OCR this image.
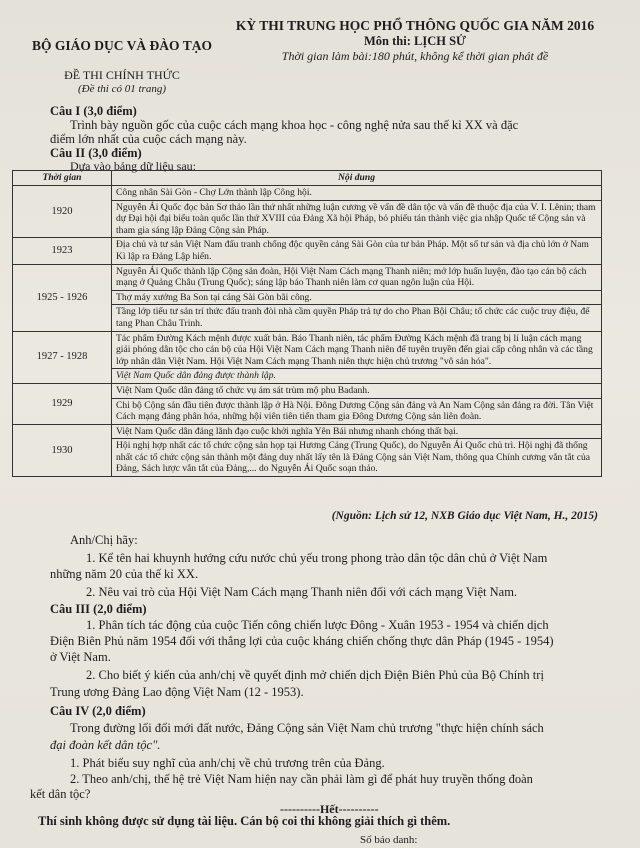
BỘ GIÁO DỤC VÀ ĐÀO TẠO
ĐỀ THI CHÍNH THỨC
(Đề thi có 01 trang)
KỲ THI TRUNG HỌC PHỔ THÔNG QUỐC GIA NĂM 2016
Môn thi: LỊCH SỬ
Thời gian làm bài:180 phút, không kể thời gian phát đề
Câu I (3,0 điểm)
Trình bày nguồn gốc của cuộc cách mạng khoa học - công nghệ nửa sau thế kỉ XX và đặc
điểm lớn nhất của cuộc cách mạng này.
Câu II (3,0 điểm)
Dựa vào bảng dữ liệu sau:
Thời gian	Nội dung
1920	Công nhân Sài Gòn - Chợ Lớn thành lập Công hội.
	Nguyễn Ái Quốc đọc bản Sơ thảo lần thứ nhất những luận cương về vấn đề dân tộc và vấn đề thuộc địa của V. I. Lênin; tham dự Đại hội đại biểu toàn quốc lần thứ XVIII của Đảng Xã hội Pháp, bỏ phiếu tán thành việc gia nhập Quốc tế Cộng sản và tham gia sáng lập Đảng Cộng sản Pháp.
1923	Địa chủ và tư sản Việt Nam đấu tranh chống độc quyền cảng Sài Gòn của tư bản Pháp. Một số tư sản và địa chủ lớn ở Nam Kì lập ra Đảng Lập hiến.
1925 - 1926	Nguyễn Ái Quốc thành lập Cộng sản đoàn, Hội Việt Nam Cách mạng Thanh niên; mở lớp huấn luyện, đào tạo cán bộ cách mạng ở Quảng Châu (Trung Quốc); sáng lập báo Thanh niên làm cơ quan ngôn luận của Hội.
	Thợ máy xưởng Ba Son tại cảng Sài Gòn bãi công.
	Tầng lớp tiểu tư sản trí thức đấu tranh đòi nhà cầm quyền Pháp trả tự do cho Phan Bội Châu; tổ chức các cuộc truy điệu, để tang Phan Châu Trinh.
1927 - 1928	Tác phẩm Đường Kách mệnh được xuất bản. Báo Thanh niên, tác phẩm Đường Kách mệnh đã trang bị lí luận cách mạng giải phóng dân tộc cho cán bộ của Hội Việt Nam Cách mạng Thanh niên để tuyên truyền đến giai cấp công nhân và các tầng lớp nhân dân Việt Nam. Hội Việt Nam Cách mạng Thanh niên thực hiện chủ trương "vô sản hóa".
	Việt Nam Quốc dân đảng được thành lập.
1929	Việt Nam Quốc dân đảng tổ chức vụ ám sát trùm mộ phu Badanh.
	Chi bộ Cộng sản đầu tiên được thành lập ở Hà Nội. Đông Dương Cộng sản đảng và An Nam Cộng sản đảng ra đời. Tân Việt Cách mạng đảng phân hóa, những hội viên tiên tiến tham gia Đông Dương Cộng sản liên đoàn.
1930	Việt Nam Quốc dân đảng lãnh đạo cuộc khởi nghĩa Yên Bái nhưng nhanh chóng thất bại.
	Hội nghị hợp nhất các tổ chức cộng sản họp tại Hương Cảng (Trung Quốc), do Nguyễn Ái Quốc chủ trì. Hội nghị đã thống nhất các tổ chức cộng sản thành một đảng duy nhất lấy tên là Đảng Cộng sản Việt Nam, thông qua Chính cương vắn tắt của Đảng, Sách lược vắn tắt của Đảng,... do Nguyễn Ái Quốc soạn thảo.
(Nguồn: Lịch sử 12, NXB Giáo dục Việt Nam, H., 2015)
Anh/Chị hãy:
1. Kể tên hai khuynh hướng cứu nước chủ yếu trong phong trào dân tộc dân chủ ở Việt Nam
những năm 20 của thế kỉ XX.
2. Nêu vai trò của Hội Việt Nam Cách mạng Thanh niên đối với cách mạng Việt Nam.
Câu III (2,0 điểm)
1. Phân tích tác động của cuộc Tiến công chiến lược Đông - Xuân 1953 - 1954 và chiến dịch
Điện Biên Phủ năm 1954 đối với thắng lợi của cuộc kháng chiến chống thực dân Pháp (1945 - 1954)
ở Việt Nam.
2. Cho biết ý kiến của anh/chị về quyết định mở chiến dịch Điện Biên Phủ của Bộ Chính trị
Trung ương Đảng Lao động Việt Nam (12 - 1953).
Câu IV (2,0 điểm)
Trong đường lối đổi mới đất nước, Đảng Cộng sản Việt Nam chủ trương "thực hiện chính sách
đại đoàn kết dân tộc".
1. Phát biểu suy nghĩ của anh/chị về chủ trương trên của Đảng.
2. Theo anh/chị, thế hệ trẻ Việt Nam hiện nay cần phải làm gì để phát huy truyền thống đoàn
kết dân tộc?
----------Hết----------
Thí sinh không được sử dụng tài liệu. Cán bộ coi thi không giải thích gì thêm.
Số báo danh:
